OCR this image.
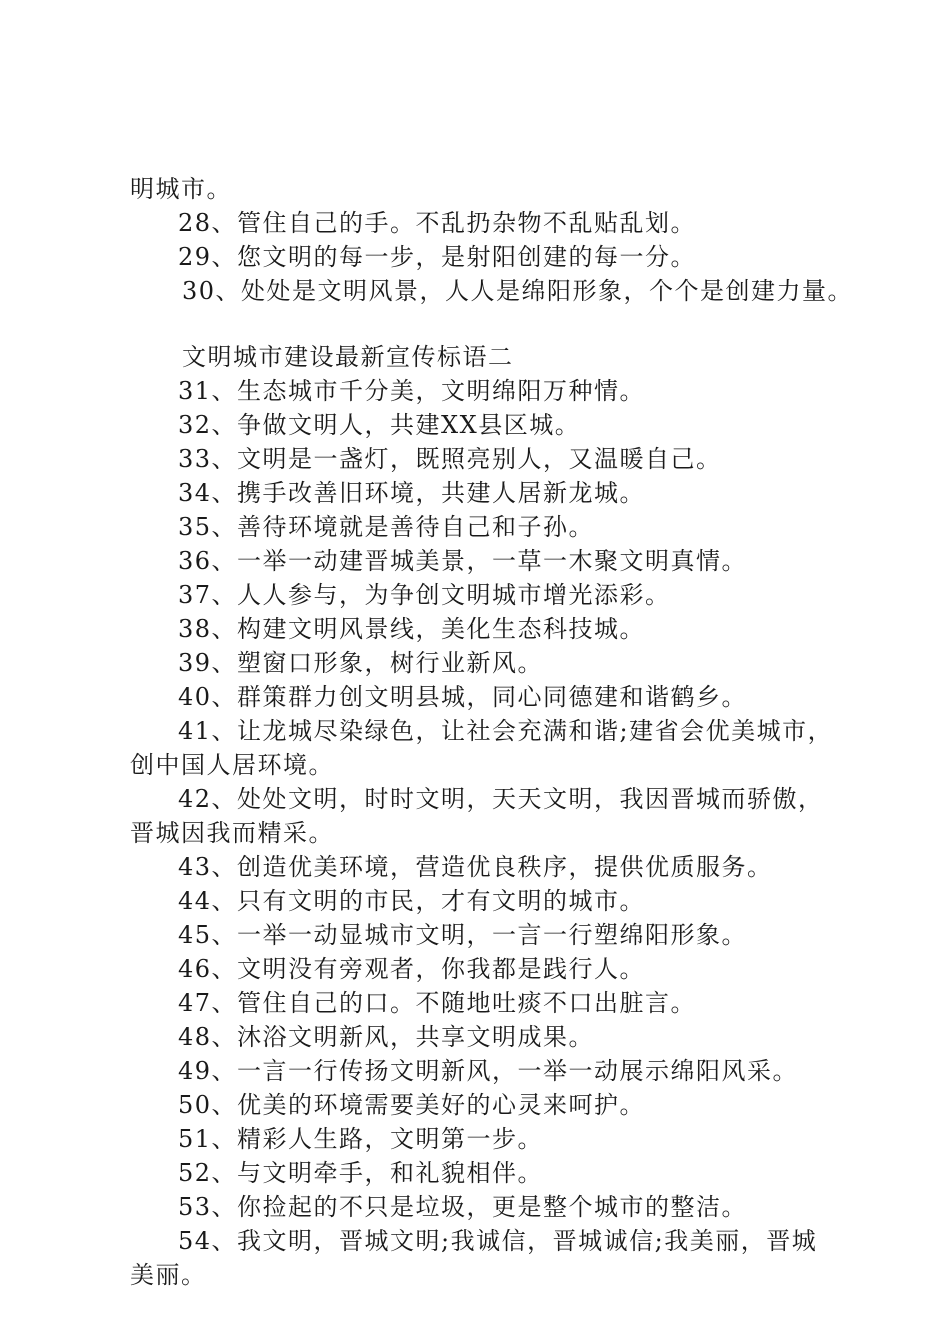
明城市。
28、管住自己的手。不乱扔杂物不乱贴乱划。
29、您文明的每一步，是射阳创建的每一分。
30、处处是文明风景，人人是绵阳形象，个个是创建力量。
文明城市建设最新宣传标语二
31、生态城市千分美，文明绵阳万种情。
32、争做文明人，共建XX县区城。
33、文明是一盏灯，既照亮别人，又温暖自己。
34、携手改善旧环境，共建人居新龙城。
35、善待环境就是善待自己和子孙。
36、一举一动建晋城美景，一草一木聚文明真情。
37、人人参与，为争创文明城市增光添彩。
38、构建文明风景线，美化生态科技城。
39、塑窗口形象，树行业新风。
40、群策群力创文明县城，同心同德建和谐鹤乡。
41、让龙城尽染绿色，让社会充满和谐;建省会优美城市，创中国人居环境。
42、处处文明，时时文明，天天文明，我因晋城而骄傲，晋城因我而精采。
43、创造优美环境，营造优良秩序，提供优质服务。
44、只有文明的市民，才有文明的城市。
45、一举一动显城市文明，一言一行塑绵阳形象。
46、文明没有旁观者，你我都是践行人。
47、管住自己的口。不随地吐痰不口出脏言。
48、沐浴文明新风，共享文明成果。
49、一言一行传扬文明新风，一举一动展示绵阳风采。
50、优美的环境需要美好的心灵来呵护。
51、精彩人生路，文明第一步。
52、与文明牵手，和礼貌相伴。
53、你捡起的不只是垃圾，更是整个城市的整洁。
54、我文明，晋城文明;我诚信，晋城诚信;我美丽，晋城美丽。
